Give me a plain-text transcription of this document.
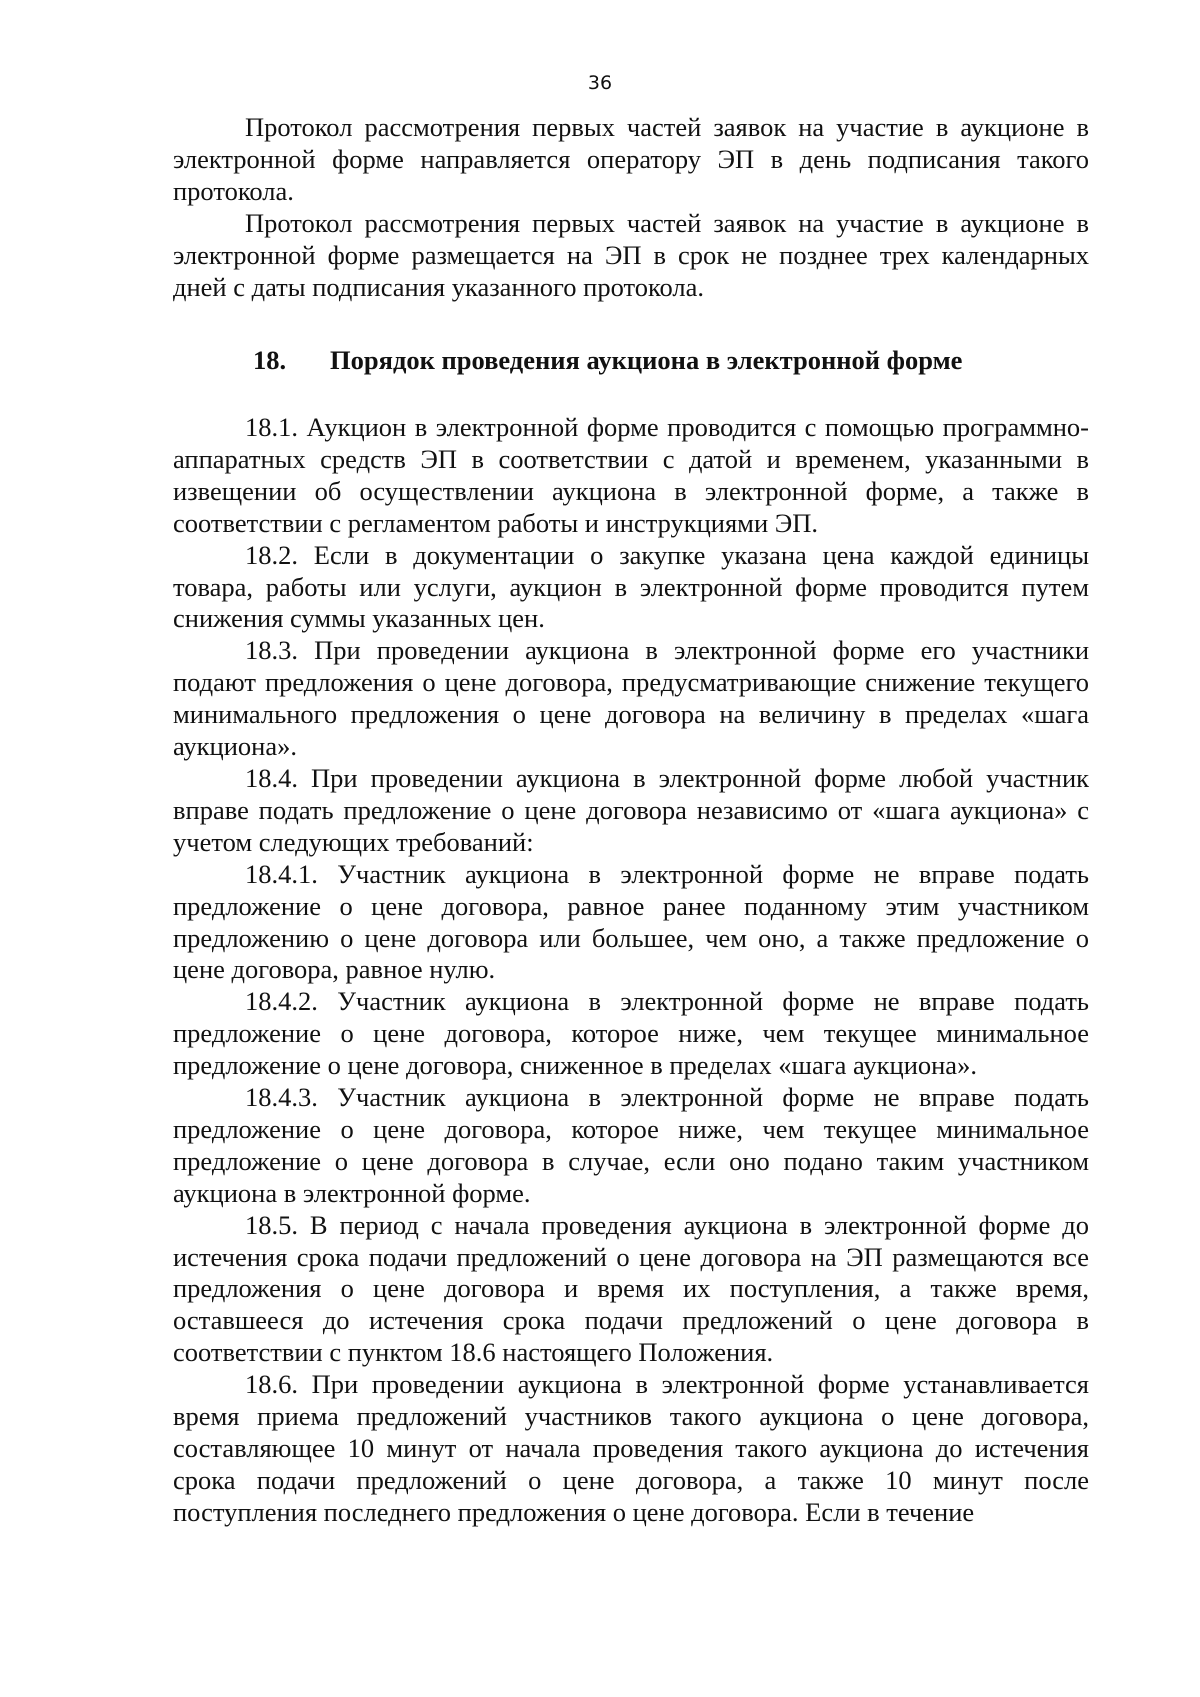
36

Протокол рассмотрения первых частей заявок на участие в аукционе в электронной форме направляется оператору ЭП в день подписания такого протокола.

Протокол рассмотрения первых частей заявок на участие в аукционе в электронной форме размещается на ЭП в срок не позднее трех календарных дней с даты подписания указанного протокола.

18. Порядок проведения аукциона в электронной форме

18.1. Аукцион в электронной форме проводится с помощью программно-аппаратных средств ЭП в соответствии с датой и временем, указанными в извещении об осуществлении аукциона в электронной форме, а также в соответствии с регламентом работы и инструкциями ЭП.

18.2. Если в документации о закупке указана цена каждой единицы товара, работы или услуги, аукцион в электронной форме проводится путем снижения суммы указанных цен.

18.3. При проведении аукциона в электронной форме его участники подают предложения о цене договора, предусматривающие снижение текущего минимального предложения о цене договора на величину в пределах «шага аукциона».

18.4. При проведении аукциона в электронной форме любой участник вправе подать предложение о цене договора независимо от «шага аукциона» с учетом следующих требований:

18.4.1. Участник аукциона в электронной форме не вправе подать предложение о цене договора, равное ранее поданному этим участником предложению о цене договора или большее, чем оно, а также предложение о цене договора, равное нулю.

18.4.2. Участник аукциона в электронной форме не вправе подать предложение о цене договора, которое ниже, чем текущее минимальное предложение о цене договора, сниженное в пределах «шага аукциона».

18.4.3. Участник аукциона в электронной форме не вправе подать предложение о цене договора, которое ниже, чем текущее минимальное предложение о цене договора в случае, если оно подано таким участником аукциона в электронной форме.

18.5. В период с начала проведения аукциона в электронной форме до истечения срока подачи предложений о цене договора на ЭП размещаются все предложения о цене договора и время их поступления, а также время, оставшееся до истечения срока подачи предложений о цене договора в соответствии с пунктом 18.6 настоящего Положения.

18.6. При проведении аукциона в электронной форме устанавливается время приема предложений участников такого аукциона о цене договора, составляющее 10 минут от начала проведения такого аукциона до истечения срока подачи предложений о цене договора, а также 10 минут после поступления последнего предложения о цене договора. Если в течение
